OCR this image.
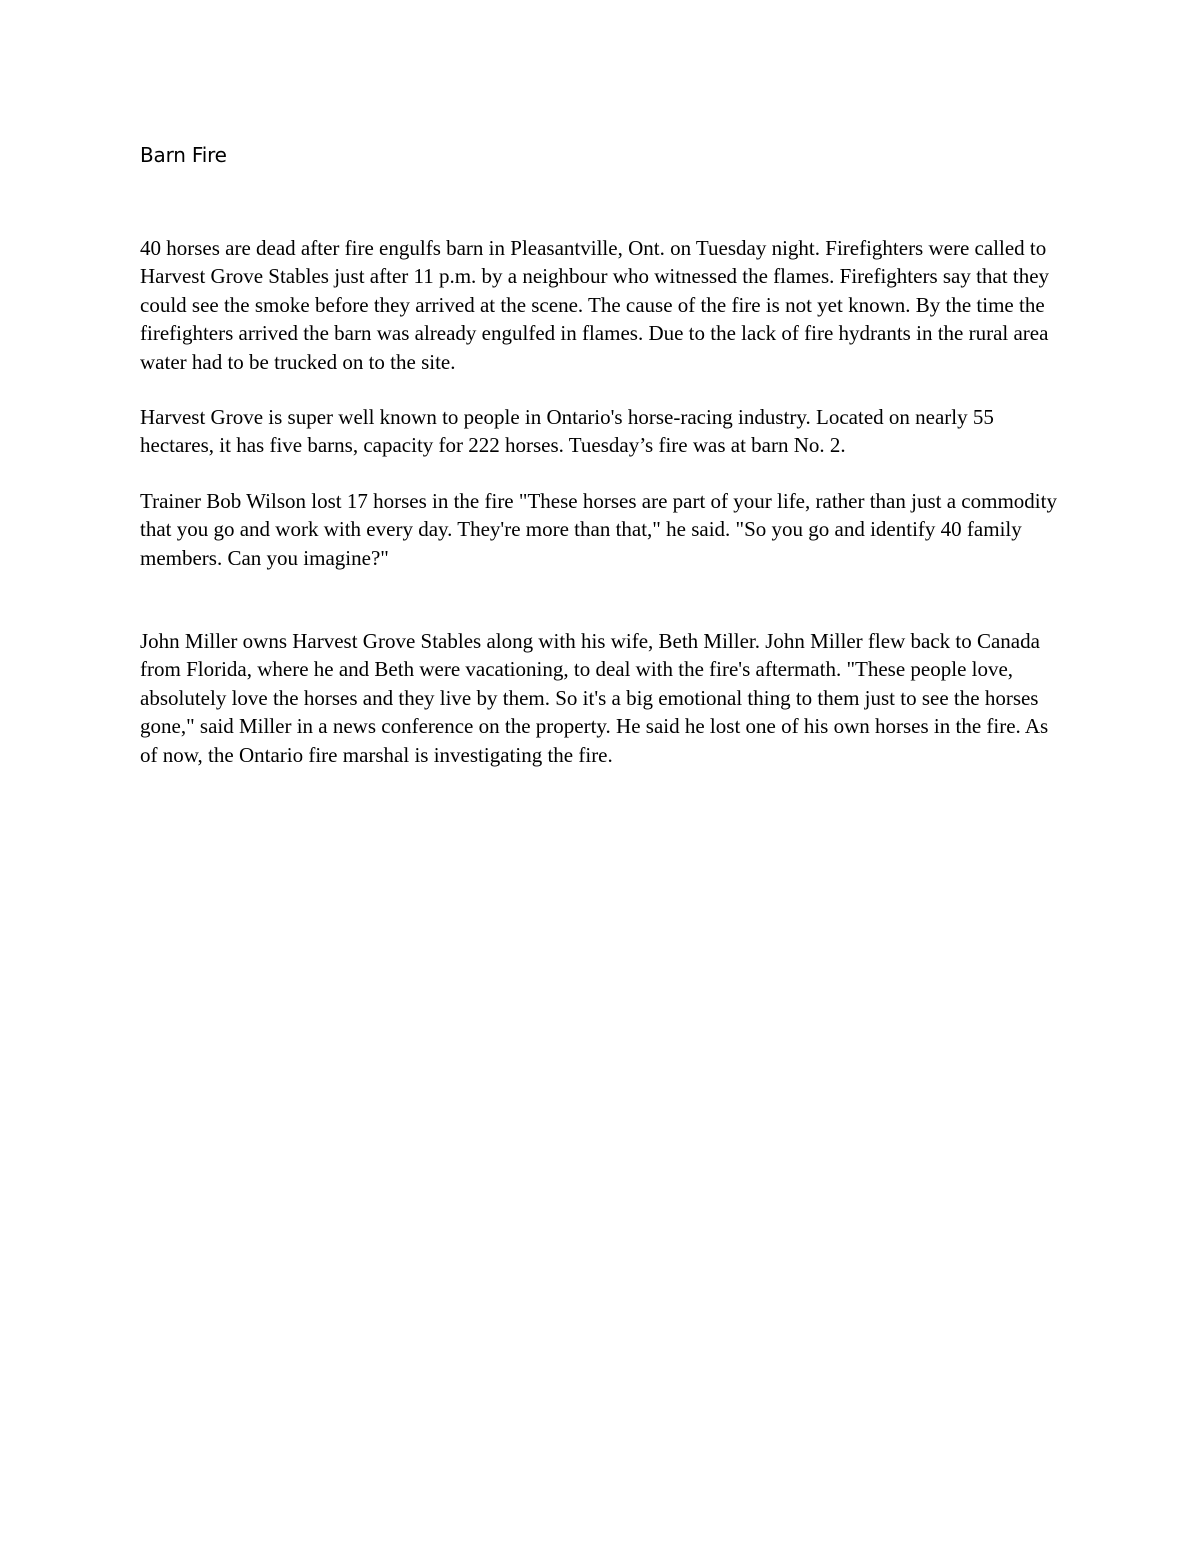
Barn Fire

40 horses are dead after fire engulfs barn in Pleasantville, Ont. on Tuesday night. Firefighters were called to Harvest Grove Stables just after 11 p.m. by a neighbour who witnessed the flames. Firefighters say that they could see the smoke before they arrived at the scene. The cause of the fire is not yet known. By the time the firefighters arrived the barn was already engulfed in flames. Due to the lack of fire hydrants in the rural area water had to be trucked on to the site.

Harvest Grove is super well known to people in Ontario's horse-racing industry. Located on nearly 55 hectares, it has five barns, capacity for 222 horses. Tuesday’s fire was at barn No. 2.

Trainer Bob Wilson lost 17 horses in the fire "These horses are part of your life, rather than just a commodity that you go and work with every day. They're more than that," he said. "So you go and identify 40 family members. Can you imagine?"

John Miller owns Harvest Grove Stables along with his wife, Beth Miller. John Miller flew back to Canada from Florida, where he and Beth were vacationing, to deal with the fire's aftermath. "These people love, absolutely love the horses and they live by them. So it's a big emotional thing to them just to see the horses gone," said Miller in a news conference on the property. He said he lost one of his own horses in the fire. As of now, the Ontario fire marshal is investigating the fire.
